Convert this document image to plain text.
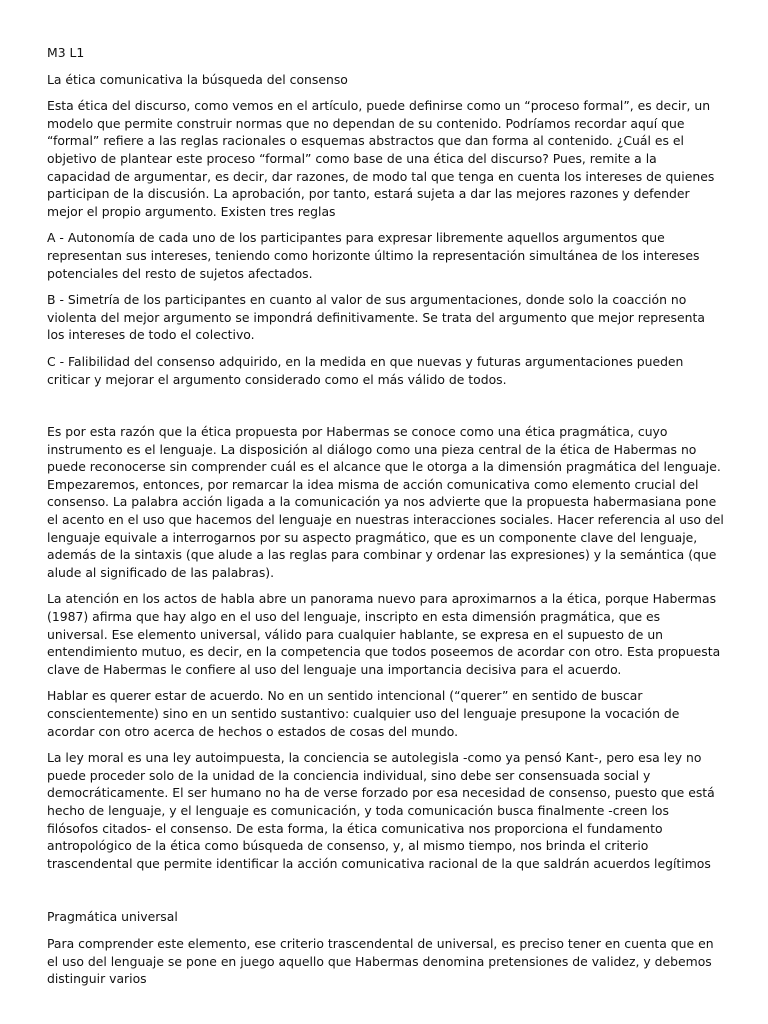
M3 L1

La ética comunicativa la búsqueda del consenso

Esta ética del discurso, como vemos en el artículo, puede definirse como un “proceso formal”, es decir, un modelo que permite construir normas que no dependan de su contenido. Podríamos recordar aquí que “formal” refiere a las reglas racionales o esquemas abstractos que dan forma al contenido. ¿Cuál es el objetivo de plantear este proceso “formal” como base de una ética del discurso? Pues, remite a la capacidad de argumentar, es decir, dar razones, de modo tal que tenga en cuenta los intereses de quienes participan de la discusión. La aprobación, por tanto, estará sujeta a dar las mejores razones y defender mejor el propio argumento. Existen tres reglas

A - Autonomía de cada uno de los participantes para expresar libremente aquellos argumentos que representan sus intereses, teniendo como horizonte último la representación simultánea de los intereses potenciales del resto de sujetos afectados.

B - Simetría de los participantes en cuanto al valor de sus argumentaciones, donde solo la coacción no violenta del mejor argumento se impondrá definitivamente. Se trata del argumento que mejor representa los intereses de todo el colectivo.

C - Falibilidad del consenso adquirido, en la medida en que nuevas y futuras argumentaciones pueden criticar y mejorar el argumento considerado como el más válido de todos.

Es por esta razón que la ética propuesta por Habermas se conoce como una ética pragmática, cuyo instrumento es el lenguaje. La disposición al diálogo como una pieza central de la ética de Habermas no puede reconocerse sin comprender cuál es el alcance que le otorga a la dimensión pragmática del lenguaje. Empezaremos, entonces, por remarcar la idea misma de acción comunicativa como elemento crucial del consenso. La palabra acción ligada a la comunicación ya nos advierte que la propuesta habermasiana pone el acento en el uso que hacemos del lenguaje en nuestras interacciones sociales. Hacer referencia al uso del lenguaje equivale a interrogarnos por su aspecto pragmático, que es un componente clave del lenguaje, además de la sintaxis (que alude a las reglas para combinar y ordenar las expresiones) y la semántica (que alude al significado de las palabras).

La atención en los actos de habla abre un panorama nuevo para aproximarnos a la ética, porque Habermas (1987) afirma que hay algo en el uso del lenguaje, inscripto en esta dimensión pragmática, que es universal. Ese elemento universal, válido para cualquier hablante, se expresa en el supuesto de un entendimiento mutuo, es decir, en la competencia que todos poseemos de acordar con otro. Esta propuesta clave de Habermas le confiere al uso del lenguaje una importancia decisiva para el acuerdo.

Hablar es querer estar de acuerdo. No en un sentido intencional (“querer” en sentido de buscar conscientemente) sino en un sentido sustantivo: cualquier uso del lenguaje presupone la vocación de acordar con otro acerca de hechos o estados de cosas del mundo.

La ley moral es una ley autoimpuesta, la conciencia se autolegisla -como ya pensó Kant-, pero esa ley no puede proceder solo de la unidad de la conciencia individual, sino debe ser consensuada social y democráticamente. El ser humano no ha de verse forzado por esa necesidad de consenso, puesto que está hecho de lenguaje, y el lenguaje es comunicación, y toda comunicación busca finalmente -creen los filósofos citados- el consenso. De esta forma, la ética comunicativa nos proporciona el fundamento antropológico de la ética como búsqueda de consenso, y, al mismo tiempo, nos brinda el criterio trascendental que permite identificar la acción comunicativa racional de la que saldrán acuerdos legítimos

Pragmática universal

Para comprender este elemento, ese criterio trascendental de universal, es preciso tener en cuenta que en el uso del lenguaje se pone en juego aquello que Habermas denomina pretensiones de validez, y debemos distinguir varios
